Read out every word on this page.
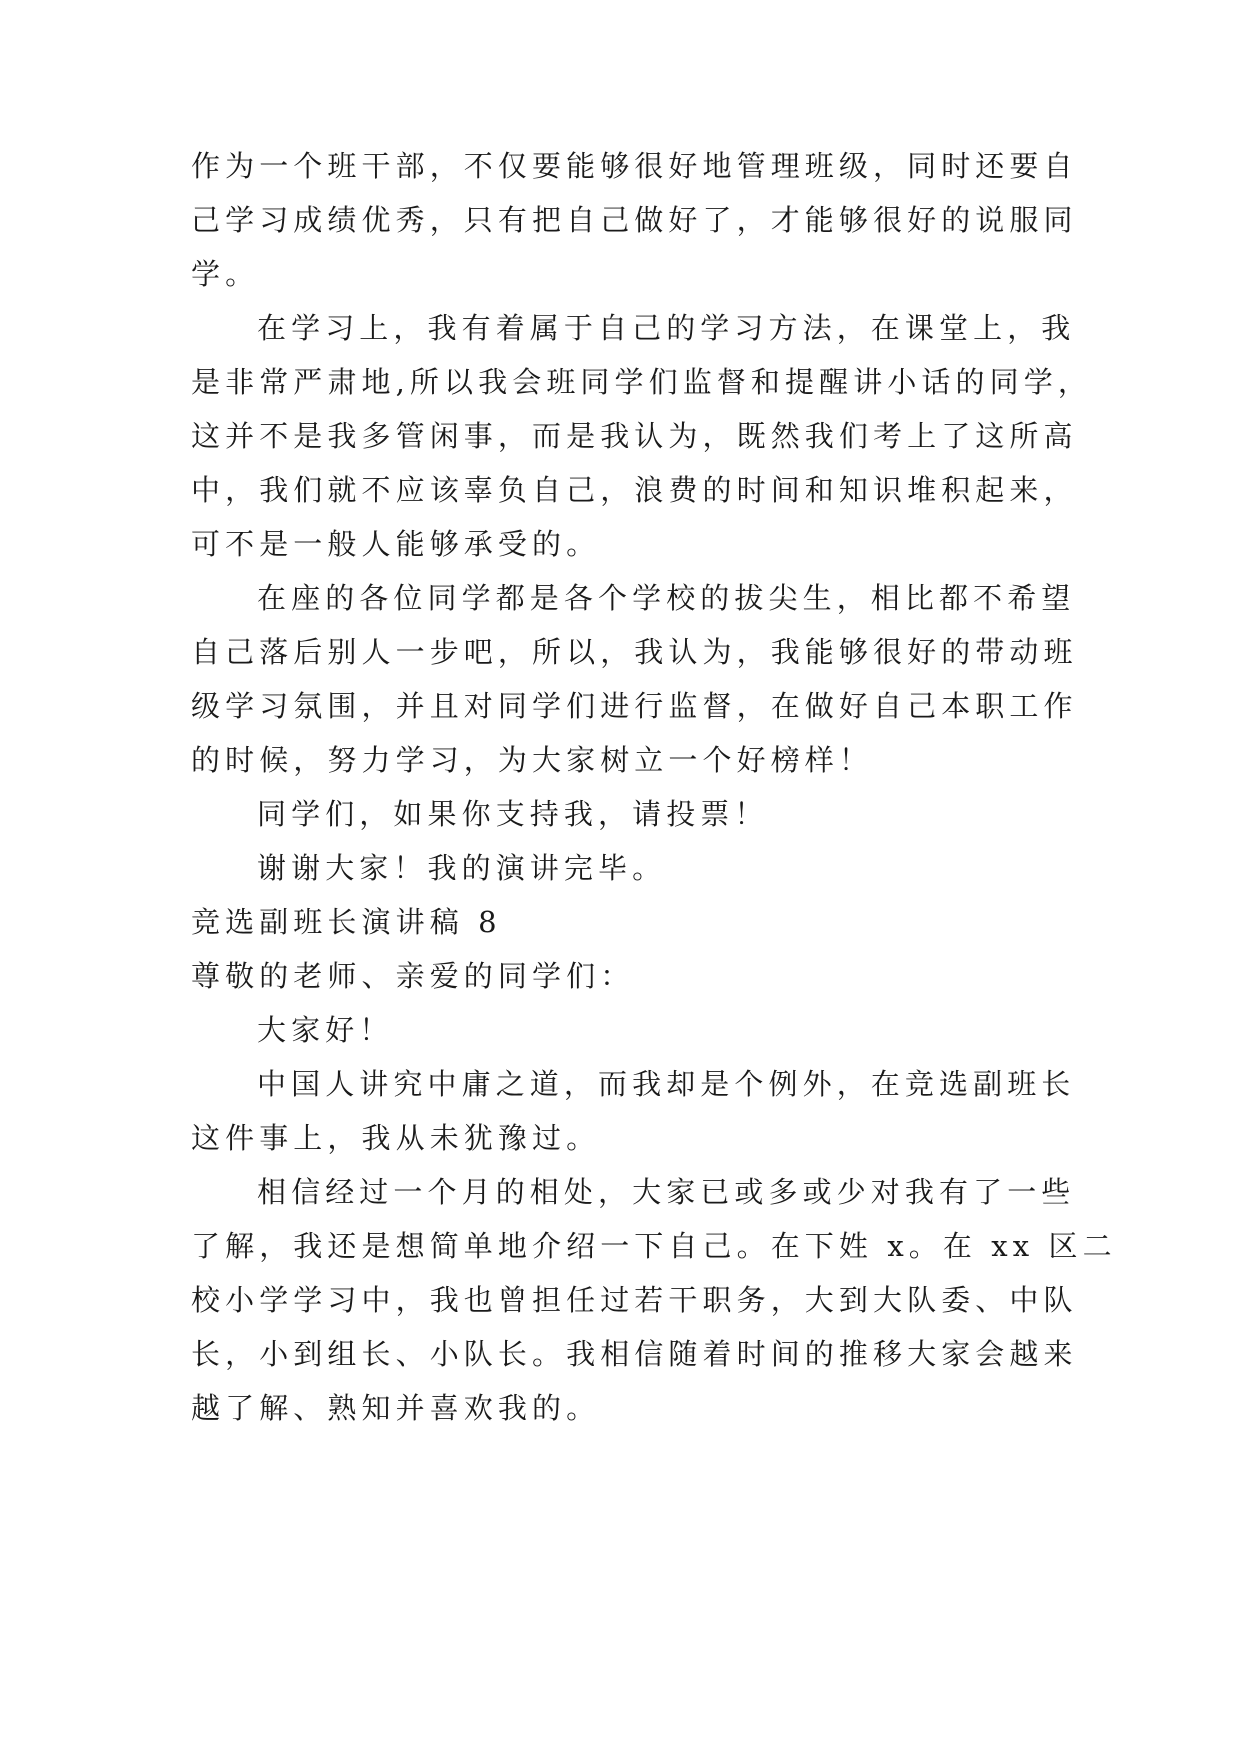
作为一个班干部，不仅要能够很好地管理班级，同时还要自
己学习成绩优秀，只有把自己做好了，才能够很好的说服同
学。
在学习上，我有着属于自己的学习方法，在课堂上，我
是非常严肃地,所以我会班同学们监督和提醒讲小话的同学，
这并不是我多管闲事，而是我认为，既然我们考上了这所高
中，我们就不应该辜负自己，浪费的时间和知识堆积起来，
可不是一般人能够承受的。
在座的各位同学都是各个学校的拔尖生，相比都不希望
自己落后别人一步吧，所以，我认为，我能够很好的带动班
级学习氛围，并且对同学们进行监督，在做好自己本职工作
的时候，努力学习，为大家树立一个好榜样！
同学们，如果你支持我，请投票！
谢谢大家！我的演讲完毕。
竞选副班长演讲稿 8
尊敬的老师、亲爱的同学们：
大家好！
中国人讲究中庸之道，而我却是个例外，在竞选副班长
这件事上，我从未犹豫过。
相信经过一个月的相处，大家已或多或少对我有了一些
了解，我还是想简单地介绍一下自己。在下姓 x。在 xx 区二
校小学学习中，我也曾担任过若干职务，大到大队委、中队
长，小到组长、小队长。我相信随着时间的推移大家会越来
越了解、熟知并喜欢我的。
